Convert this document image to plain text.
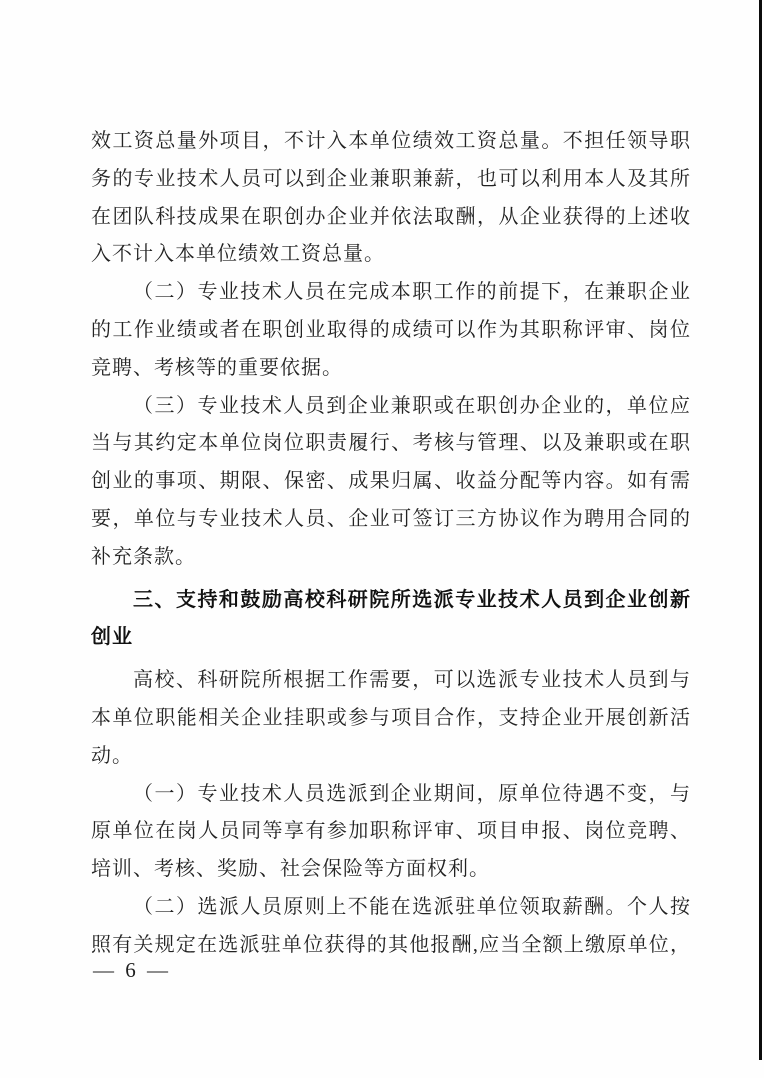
效工资总量外项目，不计入本单位绩效工资总量。不担任领导职
务的专业技术人员可以到企业兼职兼薪，也可以利用本人及其所
在团队科技成果在职创办企业并依法取酬，从企业获得的上述收
入不计入本单位绩效工资总量。
（二）专业技术人员在完成本职工作的前提下，在兼职企业
的工作业绩或者在职创业取得的成绩可以作为其职称评审、岗位
竞聘、考核等的重要依据。
（三）专业技术人员到企业兼职或在职创办企业的，单位应
当与其约定本单位岗位职责履行、考核与管理、以及兼职或在职
创业的事项、期限、保密、成果归属、收益分配等内容。如有需
要，单位与专业技术人员、企业可签订三方协议作为聘用合同的
补充条款。
三、支持和鼓励高校科研院所选派专业技术人员到企业创新
创业
高校、科研院所根据工作需要，可以选派专业技术人员到与
本单位职能相关企业挂职或参与项目合作，支持企业开展创新活
动。
（一）专业技术人员选派到企业期间，原单位待遇不变，与
原单位在岗人员同等享有参加职称评审、项目申报、岗位竞聘、
培训、考核、奖励、社会保险等方面权利。
（二）选派人员原则上不能在选派驻单位领取薪酬。个人按
照有关规定在选派驻单位获得的其他报酬,应当全额上缴原单位，
— 6 —
